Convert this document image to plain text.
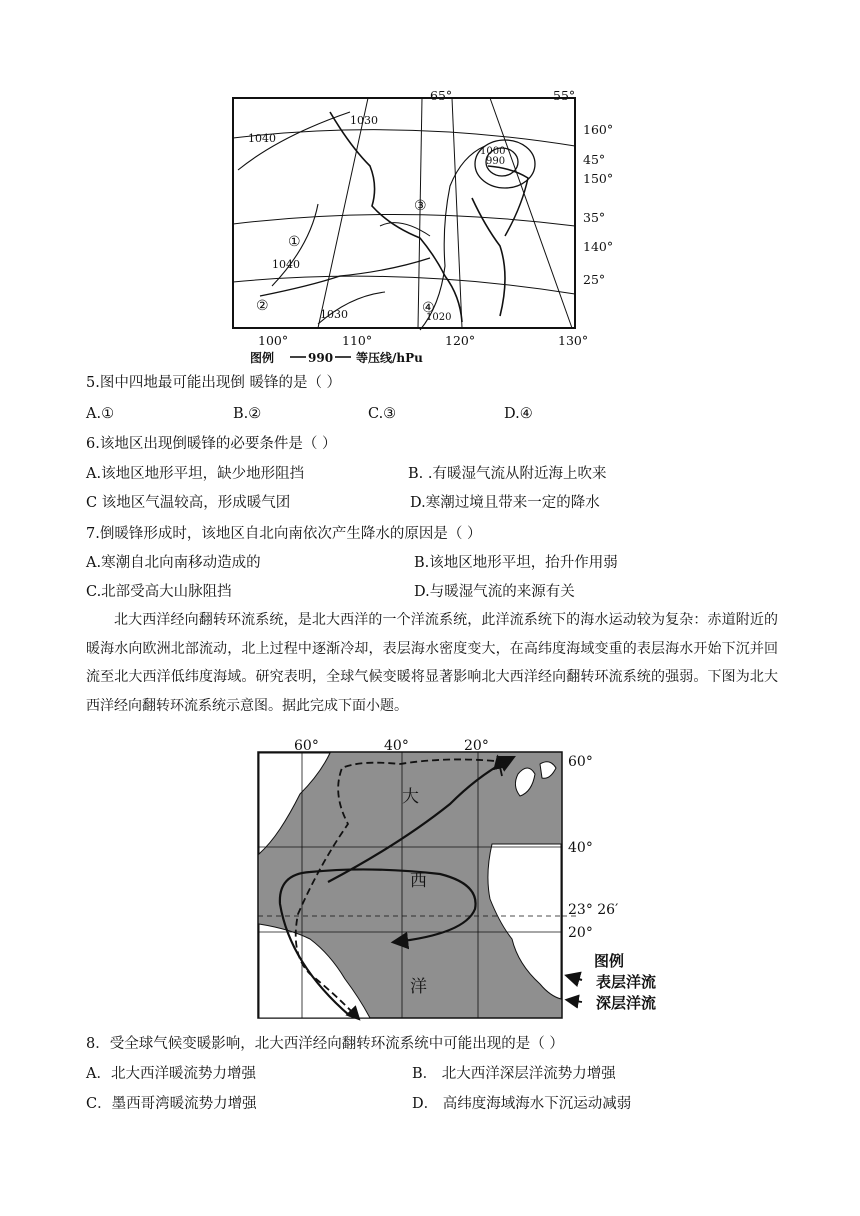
65°	55°
100°	110°	120°	130°
160°
45°
150°
35°
140°
25°
1040
1030
1040
1030	1020
1000
990
①
②
③
④
图例	990 等压线/hPu
5.图中四地最可能出现倒 暖锋的是（ ）
A.①	B.②	C.③	D.④
6.该地区出现倒暖锋的必要条件是（ ）
A.该地区地形平坦，缺少地形阻挡	B. .有暖湿气流从附近海上吹来
C 该地区气温较高，形成暖气团	D.寒潮过境且带来一定的降水
7.倒暖锋形成时，该地区自北向南依次产生降水的原因是（ ）
A.寒潮自北向南移动造成的	B.该地区地形平坦，抬升作用弱
C.北部受高大山脉阻挡	D.与暖湿气流的来源有关
北大西洋经向翻转环流系统，是北大西洋的一个洋流系统，此洋流系统下的海水运动较为复杂：赤道附近的暖海水向欧洲北部流动，北上过程中逐渐冷却，表层海水密度变大，在高纬度海域变重的表层海水开始下沉并回流至北大西洋低纬度海域。研究表明，全球气候变暖将显著影响北大西洋经向翻转环流系统的强弱。下图为北大西洋经向翻转环流系统示意图。据此完成下面小题。
大
西
洋
60°	40°	20°
60°
40°
23° 26′
20°
图例
表层洋流
深层洋流
8．受全球气候变暖影响，北大西洋经向翻转环流系统中可能出现的是（ ）
A．北大西洋暖流势力增强	B． 北大西洋深层洋流势力增强
C．墨西哥湾暖流势力增强	D． 高纬度海域海水下沉运动减弱
